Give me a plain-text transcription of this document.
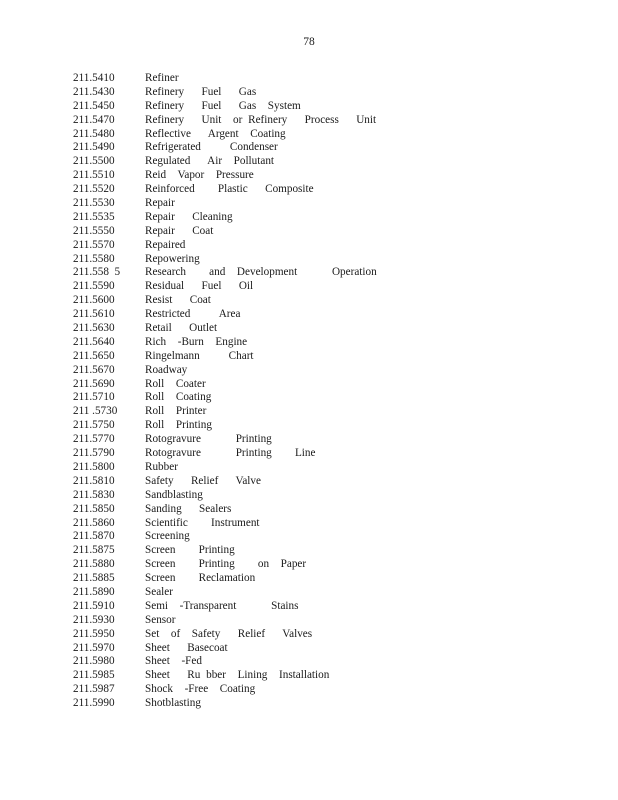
78
211.5410	Refiner
211.5430	Refinery   Fuel   Gas
211.5450	Refinery   Fuel   Gas  System
211.5470	Refinery   Unit  or Refinery   Process   Unit
211.5480	Reflective   Argent  Coating
211.5490	Refrigerated     Condenser
211.5500	Regulated   Air  Pollutant
211.5510	Reid  Vapor  Pressure
211.5520	Reinforced    Plastic   Composite
211.5530	Repair
211.5535	Repair   Cleaning
211.5550	Repair   Coat
211.5570	Repaired
211.5580	Repowering
211.558  5	Research    and  Development      Operation
211.5590	Residual   Fuel   Oil
211.5600	Resist   Coat
211.5610	Restricted     Area
211.5630	Retail   Outlet
211.5640	Rich  -Burn  Engine
211.5650	Ringelmann     Chart
211.5670	Roadway
211.5690	Roll  Coater
211.5710	Roll  Coating
211 .5730	Roll  Printer
211.5750	Roll  Printing
211.5770	Rotogravure      Printing
211.5790	Rotogravure      Printing    Line
211.5800	Rubber
211.5810	Safety   Relief   Valve
211.5830	Sandblasting
211.5850	Sanding   Sealers
211.5860	Scientific    Instrument
211.5870	Screening
211.5875	Screen    Printing
211.5880	Screen    Printing    on  Paper
211.5885	Screen    Reclamation
211.5890	Sealer
211.5910	Semi  -Transparent      Stains
211.5930	Sensor
211.5950	Set  of  Safety   Relief   Valves
211.5970	Sheet   Basecoat
211.5980	Sheet  -Fed
211.5985	Sheet   Ru bber  Lining  Installation
211.5987	Shock  -Free  Coating
211.5990	Shotblasting
